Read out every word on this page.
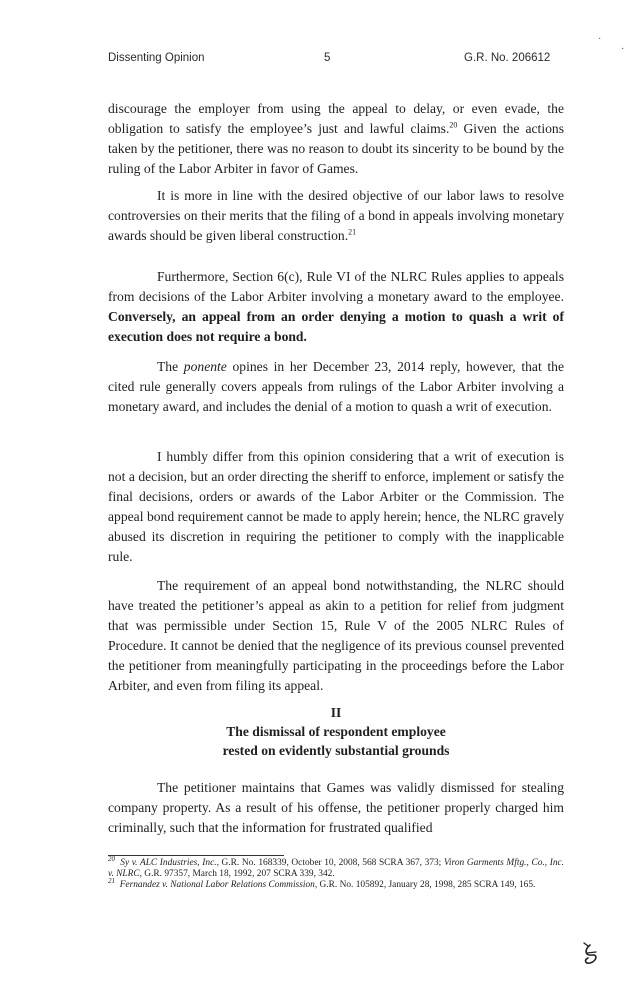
Dissenting Opinion	5	G.R. No. 206612
·
·

discourage the employer from using the appeal to delay, or even evade, the obligation to satisfy the employee’s just and lawful claims.$^{20}$ Given the actions taken by the petitioner, there was no reason to doubt its sincerity to be bound by the ruling of the Labor Arbiter in favor of Games.

It is more in line with the desired objective of our labor laws to resolve controversies on their merits that the filing of a bond in appeals involving monetary awards should be given liberal construction.$^{21}$

Furthermore, Section 6(c), Rule VI of the NLRC Rules applies to appeals from decisions of the Labor Arbiter involving a monetary award to the employee. Conversely, an appeal from an order denying a motion to quash a writ of execution does not require a bond.

The ponente opines in her December 23, 2014 reply, however, that the cited rule generally covers appeals from rulings of the Labor Arbiter involving a monetary award, and includes the denial of a motion to quash a writ of execution.

I humbly differ from this opinion considering that a writ of execution is not a decision, but an order directing the sheriff to enforce, implement or satisfy the final decisions, orders or awards of the Labor Arbiter or the Commission. The appeal bond requirement cannot be made to apply herein; hence, the NLRC gravely abused its discretion in requiring the petitioner to comply with the inapplicable rule.

The requirement of an appeal bond notwithstanding, the NLRC should have treated the petitioner’s appeal as akin to a petition for relief from judgment that was permissible under Section 15, Rule V of the 2005 NLRC Rules of Procedure. It cannot be denied that the negligence of its previous counsel prevented the petitioner from meaningfully participating in the proceedings before the Labor Arbiter, and even from filing its appeal.

II
The dismissal of respondent employee
rested on evidently substantial grounds

The petitioner maintains that Games was validly dismissed for stealing company property. As a result of his offense, the petitioner properly charged him criminally, such that the information for frustrated qualified

$^{20}$ Sy v. ALC Industries, Inc., G.R. No. 168339, October 10, 2008, 568 SCRA 367, 373; Viron Garments Mftg., Co., Inc. v. NLRC, G.R. 97357, March 18, 1992, 207 SCRA 339, 342.

$^{21}$ Fernandez v. National Labor Relations Commission, G.R. No. 105892, January 28, 1998, 285 SCRA 149, 165.
